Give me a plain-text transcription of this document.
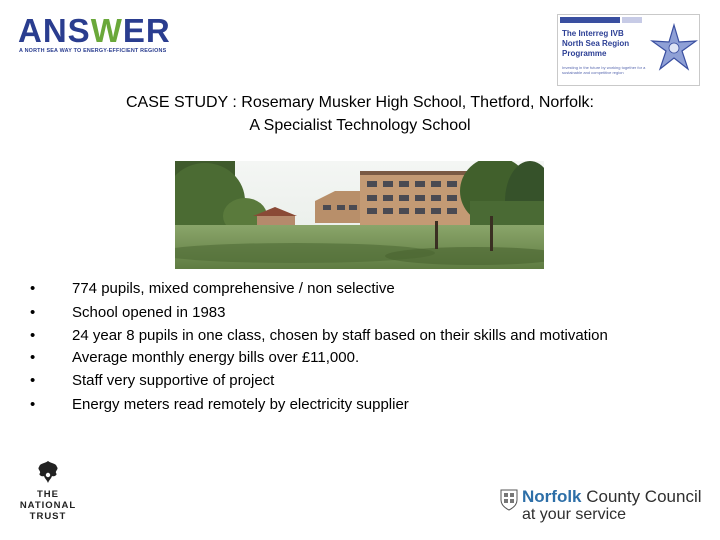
ANSWER
A NORTH SEA WAY TO ENERGY-EFFICIENT REGIONS
The Interreg IVB
North Sea Region
Programme
Investing in the future by working together for a sustainable and competitive region
CASE STUDY : Rosemary Musker High School, Thetford, Norfolk:
A Specialist Technology School
• 774 pupils, mixed comprehensive / non selective
• School opened in 1983
• 24 year 8 pupils in one class, chosen by staff based on their skills and motivation
• Average monthly energy bills over £11,000.
• Staff very supportive of project
• Energy meters read remotely by electricity supplier
THE
NATIONAL
TRUST
Norfolk County Council
at your service
